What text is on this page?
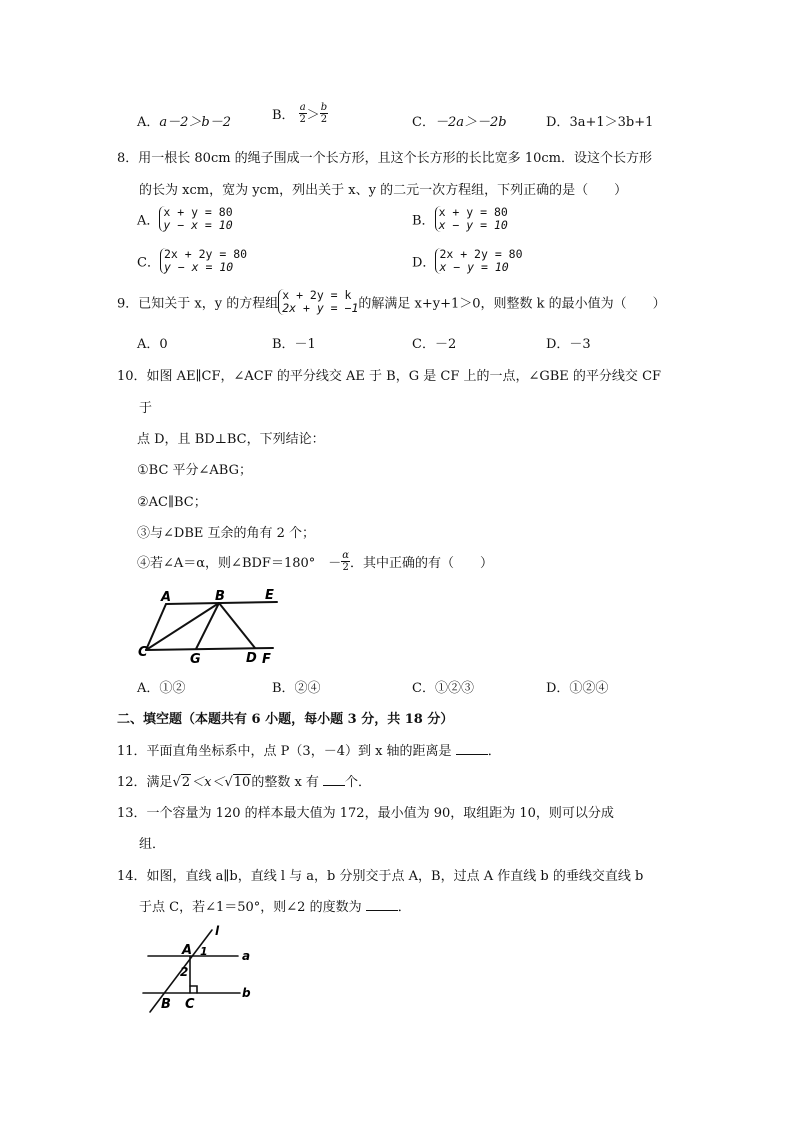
A．a－2＞b－2	B． $\frac{a}{2} > \frac{b}{2}$	C．－2a＞－2b	D．3a+1＞3b+1
8．用一根长 80cm 的绳子围成一个长方形，且这个长方形的长比宽多 10cm．设这个长方形
的长为 xcm，宽为 ycm，列出关于 x、y 的二元一次方程组，下列正确的是（　　）
A．
x + y = 80
y − x = 10	B．
x + y = 80
x − y = 10
C．
2x + 2y = 80
y − x = 10	D．
2x + 2y = 80
x − y = 10
9．已知关于 x，y 的方程组
x + 2y = k
2x + y = −1 的解满足 x+y+1＞0，则整数 k 的最小值为（　　）
A．0	B．－1	C．－2	D．－3
10．如图 AE∥CF，∠ACF 的平分线交 AE 于 B，G 是 CF 上的一点，∠GBE 的平分线交 CF
于
点 D，且 BD⊥BC，下列结论：
①BC 平分∠ABG；
②AC∥BC；
③与∠DBE 互余的角有 2 个；
④若∠A＝α，则∠BDF＝180°　－ $\frac{\alpha}{2}$ ．其中正确的有（　　）
A	B	E
C	G	D F
A．①②	B．②④	C．①②③	D．①②④
二、填空题（本题共有 6 小题，每小题 3 分，共 18 分）
11．平面直角坐标系中，点 P（3，－4）到 x 轴的距离是 ．
12．满足√2＜x＜√10的整数 x 有 个．
13．一个容量为 120 的样本最大值为 172，最小值为 90，取组距为 10，则可以分成
组．
14．如图，直线 a∥b，直线 l 与 a，b 分别交于点 A，B，过点 A 作直线 b 的垂线交直线 b
于点 C，若∠1＝50°，则∠2 的度数为 ．
l
A 1	a
2
B C
b
